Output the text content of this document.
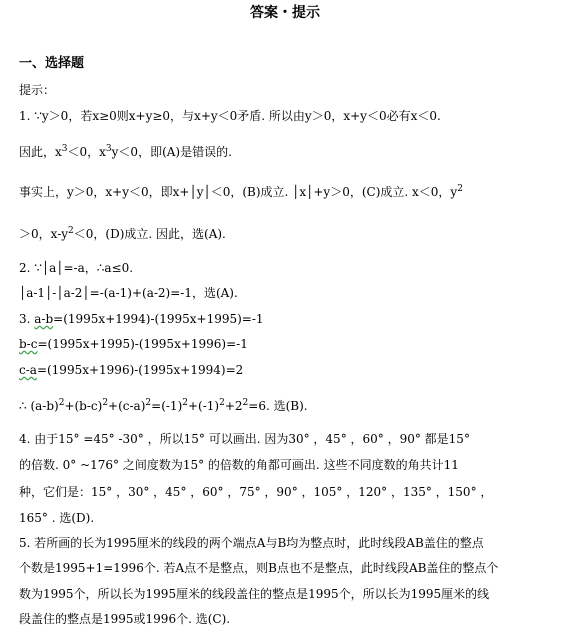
答案・提示
一、选择题
提示：
1. ∵y＞0，若x≥0则x+y≥0，与x+y＜0矛盾. 所以由y＞0，x+y＜0必有x＜0.
因此，$x^3<0$，$x^3y<0$，即(A)是错误的.
事实上，y＞0，x+y＜0，即x+│y│＜0，(B)成立. │x│+y＞0，(C)成立. x＜0，$y^2$
＞0，$x-y^2<0$，(D)成立. 因此，选(A).
2. ∵│a│=-a，∴a≤0.
│a-1│-│a-2│=-(a-1)+(a-2)=-1，选(A).
3. a-b=(1995x+1994)-(1995x+1995)=-1
b-c=(1995x+1995)-(1995x+1996)=-1
c-a=(1995x+1996)-(1995x+1994)=2
∴ $(a-b)^2+(b-c)^2+(c-a)^2=(-1)^2+(-1)^2+2^2=6$. 选(B).
4. 由于15° =45° -30° ，所以15° 可以画出. 因为30° ，45° ，60° ，90° 都是15°
的倍数. 0° ~176° 之间度数为15° 的倍数的角都可画出. 这些不同度数的角共计11
种，它们是：15° ，30° ，45° ，60° ，75° ，90° ，105° ，120° ，135° ，150° ，
165° . 选(D).
5. 若所画的长为1995厘米的线段的两个端点A与B均为整点时，此时线段AB盖住的整点
个数是1995+1=1996个. 若A点不是整点，则B点也不是整点，此时线段AB盖住的整点个
数为1995个，所以长为1995厘米的线段盖住的整点是1995个，所以长为1995厘米的线
段盖住的整点是1995或1996个. 选(C).
